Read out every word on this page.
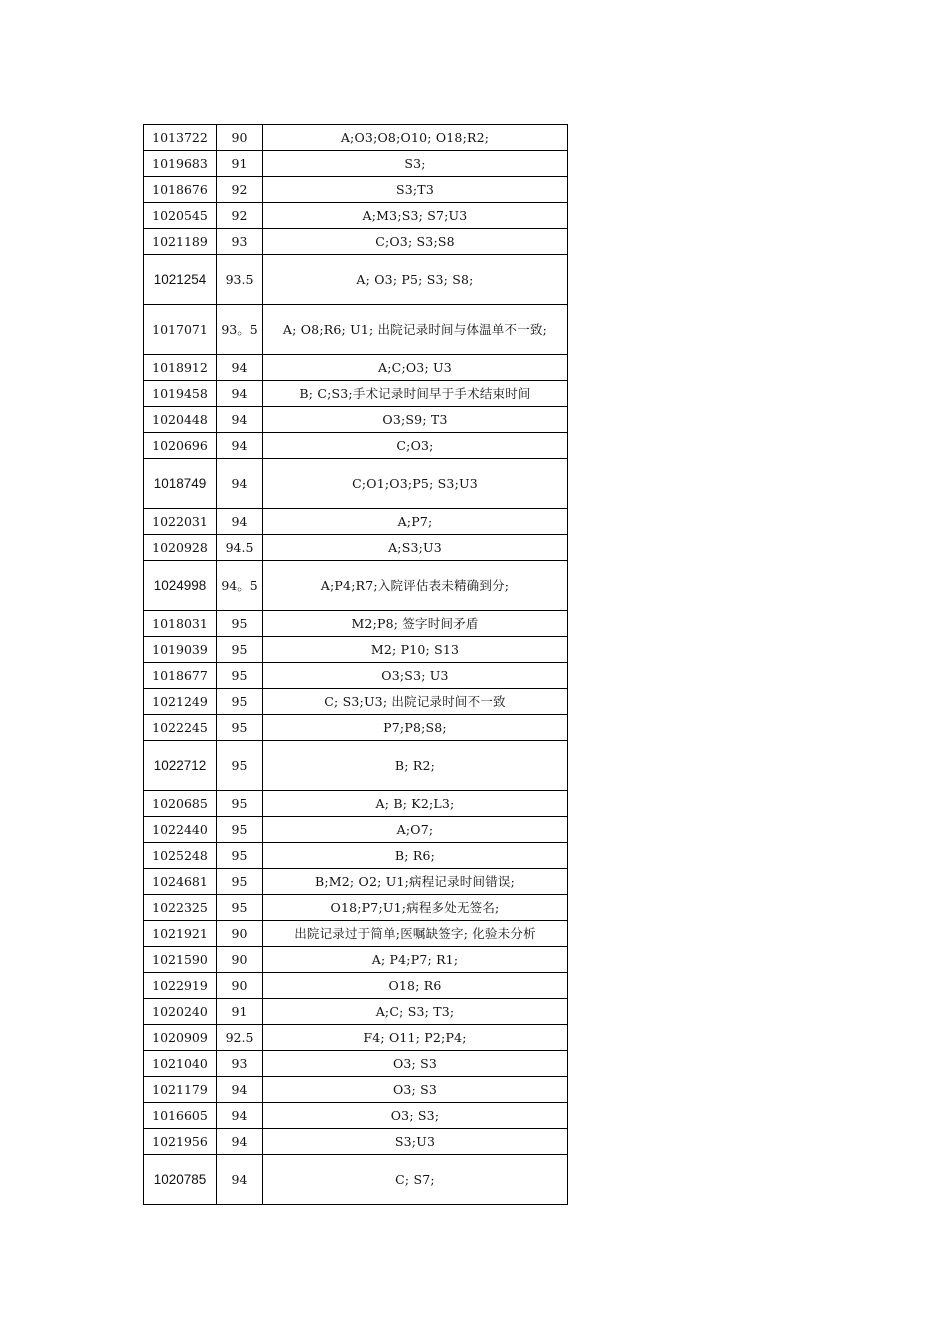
1013722	90	A;O3;O8;O10; O18;R2;
1019683	91	S3;
1018676	92	S3;T3
1020545	92	A;M3;S3; S7;U3
1021189	93	C;O3; S3;S8
1021254	93.5	A; O3; P5; S3; S8;
1017071	93。5	A; O8;R6; U1; 出院记录时间与体温单不一致;
1018912	94	A;C;O3; U3
1019458	94	B; C;S3;手术记录时间早于手术结束时间
1020448	94	O3;S9; T3
1020696	94	C;O3;
1018749	94	C;O1;O3;P5; S3;U3
1022031	94	A;P7;
1020928	94.5	A;S3;U3
1024998	94。5	A;P4;R7;入院评估表未精确到分;
1018031	95	M2;P8; 签字时间矛盾
1019039	95	M2; P10; S13
1018677	95	O3;S3; U3
1021249	95	C; S3;U3; 出院记录时间不一致
1022245	95	P7;P8;S8;
1022712	95	B; R2;
1020685	95	A; B; K2;L3;
1022440	95	A;O7;
1025248	95	B; R6;
1024681	95	B;M2; O2; U1;病程记录时间错误;
1022325	95	O18;P7;U1;病程多处无签名;
1021921	90	出院记录过于简单;医嘱缺签字; 化验未分析
1021590	90	A; P4;P7; R1;
1022919	90	O18; R6
1020240	91	A;C; S3; T3;
1020909	92.5	F4; O11; P2;P4;
1021040	93	O3; S3
1021179	94	O3; S3
1016605	94	O3; S3;
1021956	94	S3;U3
1020785	94	C; S7;
